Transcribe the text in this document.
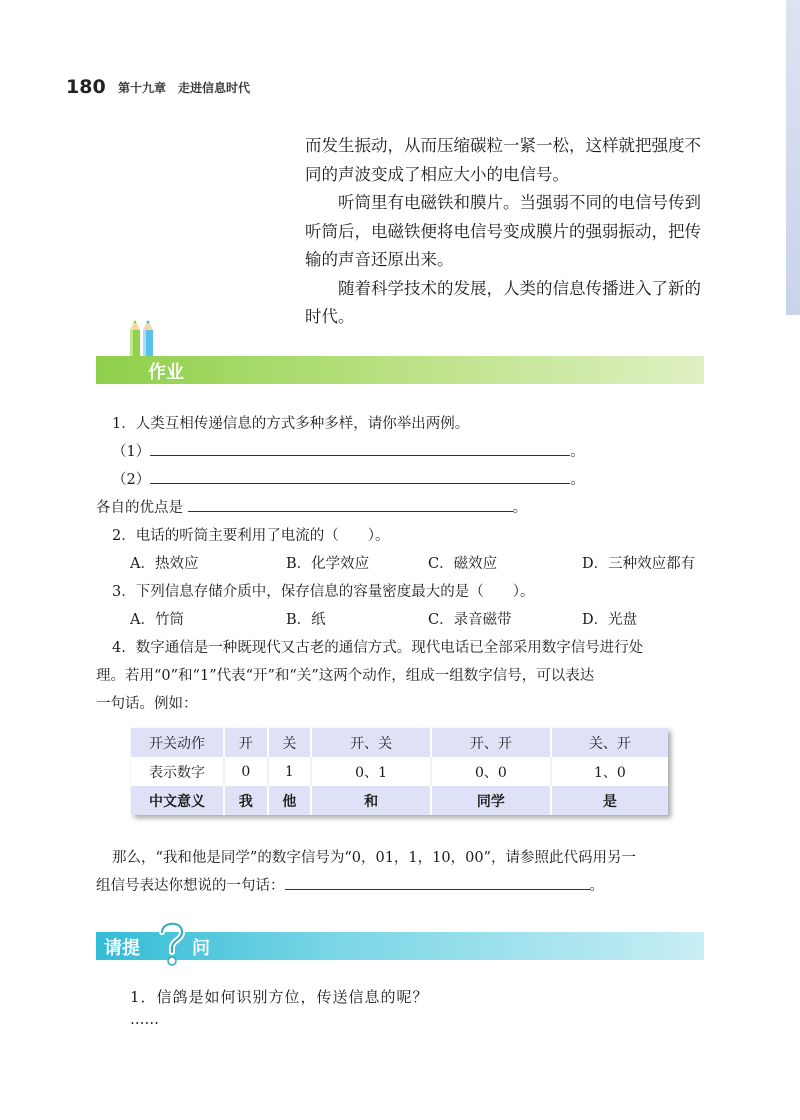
180 第十九章　走进信息时代

而发生振动，从而压缩碳粒一紧一松，这样就把强度不同的声波变成了相应大小的电信号。

听筒里有电磁铁和膜片。当强弱不同的电信号传到听筒后，电磁铁便将电信号变成膜片的强弱振动，把传输的声音还原出来。

随着科学技术的发展，人类的信息传播进入了新的时代。

作业
1．人类互相传递信息的方式多种多样，请你举出两例。
（1）	。
（2）	。
各自的优点是	。
2．电话的听筒主要利用了电流的（　　）。
A．热效应	B．化学效应	C．磁效应	D．三种效应都有
3．下列信息存储介质中，保存信息的容量密度最大的是（　　）。
A．竹筒	B．纸	C．录音磁带	D．光盘
4．数字通信是一种既现代又古老的通信方式。现代电话已全部采用数字信号进行处
理。若用“0”和“1”代表“开”和“关”这两个动作，组成一组数字信号，可以表达
一句话。例如：
开关动作	开	关	开、关	开、开	关、开
表示数字	0	1	0、1	0、0	1、0
中文意义	我	他	和	同学	是
那么，“我和他是同学”的数字信号为“0，01，1，10，00”，请参照此代码用另一
组信号表达你想说的一句话：	。
请提	问
1．信鸽是如何识别方位，传送信息的呢？
……
